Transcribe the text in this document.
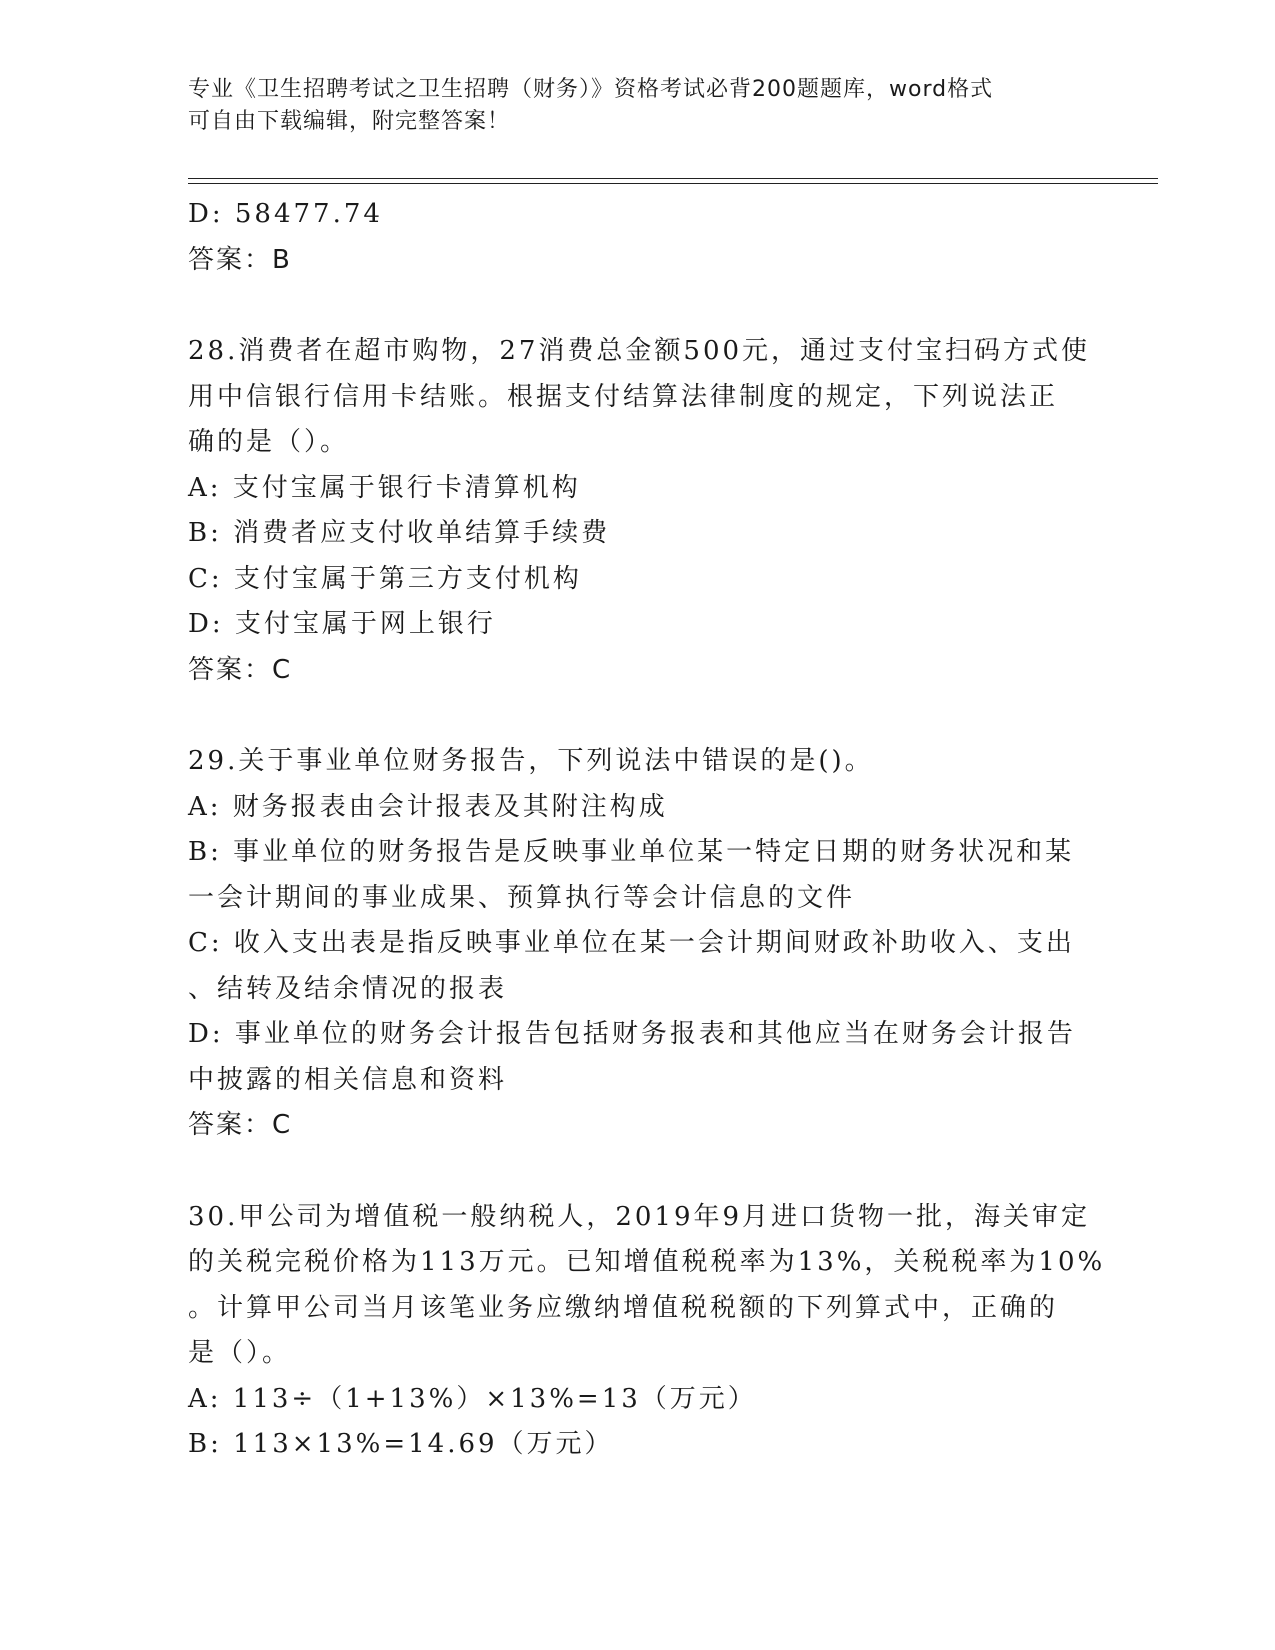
专业《卫生招聘考试之卫生招聘（财务）》资格考试必背200题题库，word格式
可自由下载编辑，附完整答案！
D: 58477.74
答案：B
28.消费者在超市购物，27消费总金额500元，通过支付宝扫码方式使
用中信银行信用卡结账。根据支付结算法律制度的规定，下列说法正
确的是（）。
A: 支付宝属于银行卡清算机构
B: 消费者应支付收单结算手续费
C: 支付宝属于第三方支付机构
D: 支付宝属于网上银行
答案：C
29.关于事业单位财务报告，下列说法中错误的是()。
A: 财务报表由会计报表及其附注构成
B: 事业单位的财务报告是反映事业单位某一特定日期的财务状况和某
一会计期间的事业成果、预算执行等会计信息的文件
C: 收入支出表是指反映事业单位在某一会计期间财政补助收入、支出
、结转及结余情况的报表
D: 事业单位的财务会计报告包括财务报表和其他应当在财务会计报告
中披露的相关信息和资料
答案：C
30.甲公司为增值税一般纳税人，2019年9月进口货物一批，海关审定
的关税完税价格为113万元。已知增值税税率为13%，关税税率为10%
。计算甲公司当月该笔业务应缴纳增值税税额的下列算式中，正确的
是（）。
A: 113÷（1+13%）×13%=13（万元）
B: 113×13%=14.69（万元）
